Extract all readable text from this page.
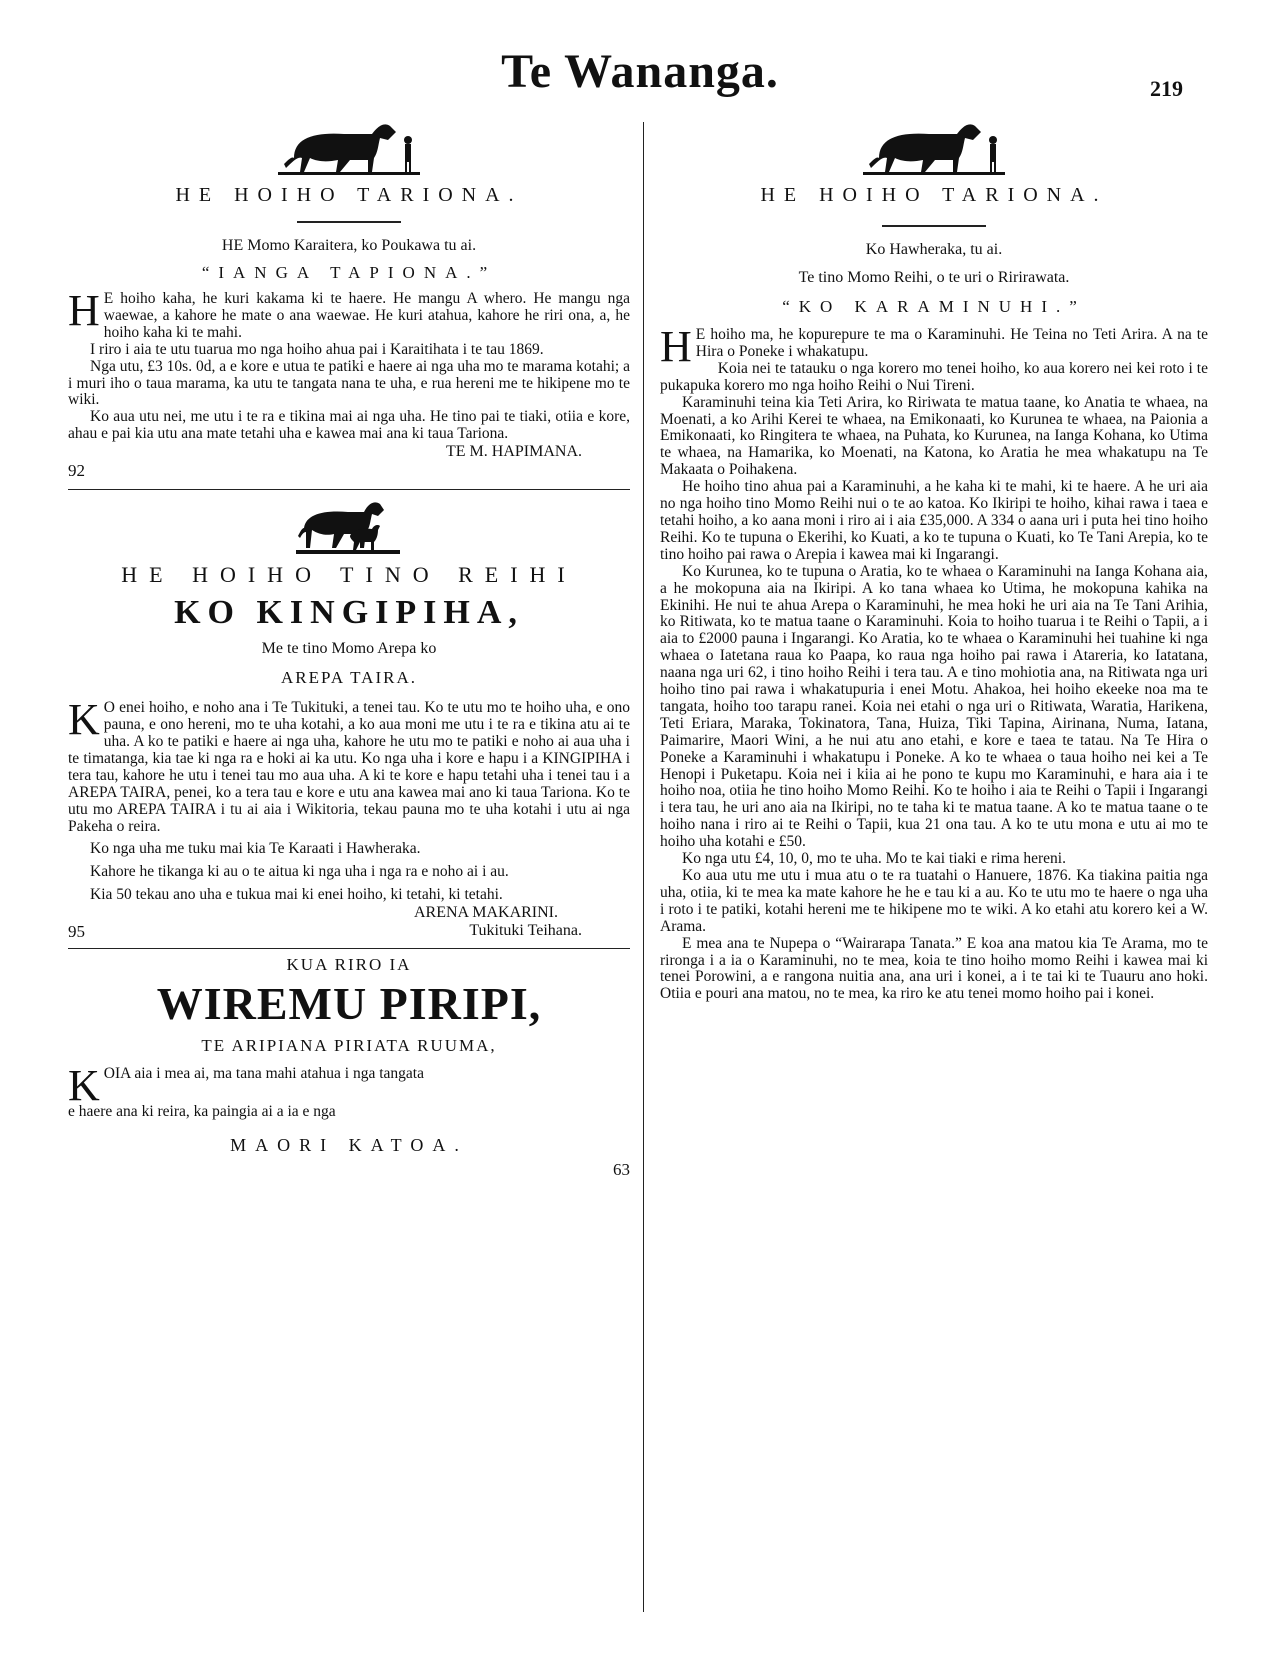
Te Wananga.	219

HE HOIHO TARIONA.

HE Momo Karaitera, ko Poukawa tu ai.

“IANGA TAPIONA.”

H E hoiho kaha, he kuri kakama ki te haere. He mangu A whero. He mangu nga waewae, a kahore he mate o ana waewae. He kuri atahua, kahore he riri ona, a, he hoiho kaha ki te mahi.

I riro i aia te utu tuarua mo nga hoiho ahua pai i Karaitihata i te tau 1869.

Nga utu, £3 10s. 0d, a e kore e utua te patiki e haere ai nga uha mo te marama kotahi; a i muri iho o taua marama, ka utu te tangata nana te uha, e rua hereni me te hikipene mo te wiki.

Ko aua utu nei, me utu i te ra e tikina mai ai nga uha. He tino pai te tiaki, otiia e kore, ahau e pai kia utu ana mate tetahi uha e kawea mai ana ki taua Tariona.

TE M. HAPIMANA.

92

HE HOIHO TINO REIHI

KO KINGIPIHA,

Me te tino Momo Arepa ko

AREPA TAIRA.

K O enei hoiho, e noho ana i Te Tukituki, a tenei tau. Ko te utu mo te hoiho uha, e ono pauna, e ono hereni, mo te uha kotahi, a ko aua moni me utu i te ra e tikina atu ai te uha. A ko te patiki e haere ai nga uha, kahore he utu mo te patiki e noho ai aua uha i te timatanga, kia tae ki nga ra e hoki ai ka utu. Ko nga uha i kore e hapu i a KINGIPIHA i tera tau, kahore he utu i tenei tau mo aua uha. A ki te kore e hapu tetahi uha i tenei tau i a AREPA TAIRA, penei, ko a tera tau e kore e utu ana kawea mai ano ki taua Tariona. Ko te utu mo AREPA TAIRA i tu ai aia i Wikitoria, tekau pauna mo te uha kotahi i utu ai nga Pakeha o reira.

Ko nga uha me tuku mai kia Te Karaati i Hawheraka.

Kahore he tikanga ki au o te aitua ki nga uha i nga ra e noho ai i au.

Kia 50 tekau ano uha e tukua mai ki enei hoiho, ki tetahi, ki tetahi.

ARENA MAKARINI.

95	Tukituki Teihana.

KUA RIRO IA

WIREMU PIRIPI,

TE ARIPIANA PIRIATA RUUMA,

KOIA aia i mea ai, ma tana mahi atahua i nga tangata

e haere ana ki reira, ka paingia ai a ia e nga

MAORI KATOA.

63

HE HOIHO TARIONA.

Ko Hawheraka, tu ai.

Te tino Momo Reihi, o te uri o Ririrawata.

“KO KARAMINUHI.”

H E hoiho ma, he kopurepure te ma o Karaminuhi. He Teina no Teti Arira. A na te Hira o Poneke i whakatupu.

Koia nei te tatauku o nga korero mo tenei hoiho, ko aua korero nei kei roto i te pukapuka korero mo nga hoiho Reihi o Nui Tireni.

Karaminuhi teina kia Teti Arira, ko Ririwata te matua taane, ko Anatia te whaea, na Moenati, a ko Arihi Kerei te whaea, na Emikonaati, ko Kurunea te whaea, na Paionia a Emikonaati, ko Ringitera te whaea, na Puhata, ko Kurunea, na Ianga Kohana, ko Utima te whaea, na Hamarika, ko Moenati, na Katona, ko Aratia he mea whakatupu na Te Makaata o Poihakena.

He hoiho tino ahua pai a Karaminuhi, a he kaha ki te mahi, ki te haere. A he uri aia no nga hoiho tino Momo Reihi nui o te ao katoa. Ko Ikiripi te hoiho, kihai rawa i taea e tetahi hoiho, a ko aana moni i riro ai i aia £35,000. A 334 o aana uri i puta hei tino hoiho Reihi. Ko te tupuna o Ekerihi, ko Kuati, a ko te tupuna o Kuati, ko Te Tani Arepia, ko te tino hoiho pai rawa o Arepia i kawea mai ki Ingarangi.

Ko Kurunea, ko te tupuna o Aratia, ko te whaea o Karaminuhi na Ianga Kohana aia, a he mokopuna aia na Ikiripi. A ko tana whaea ko Utima, he mokopuna kahika na Ekinihi. He nui te ahua Arepa o Karaminuhi, he mea hoki he uri aia na Te Tani Arihia, ko Ritiwata, ko te matua taane o Karaminuhi. Koia to hoiho tuarua i te Reihi o Tapii, a i aia to £2000 pauna i Ingarangi. Ko Aratia, ko te whaea o Karaminuhi hei tuahine ki nga whaea o Iatetana raua ko Paapa, ko raua nga hoiho pai rawa i Atareria, ko Iatatana, naana nga uri 62, i tino hoiho Reihi i tera tau. A e tino mohiotia ana, na Ritiwata nga uri hoiho tino pai rawa i whakatupuria i enei Motu. Ahakoa, hei hoiho ekeeke noa ma te tangata, hoiho too tarapu ranei. Koia nei etahi o nga uri o Ritiwata, Waratia, Harikena, Teti Eriara, Maraka, Tokinatora, Tana, Huiza, Tiki Tapina, Airinana, Numa, Iatana, Paimarire, Maori Wini, a he nui atu ano etahi, e kore e taea te tatau. Na Te Hira o Poneke a Karaminuhi i whakatupu i Poneke. A ko te whaea o taua hoiho nei kei a Te Henopi i Puketapu. Koia nei i kiia ai he pono te kupu mo Karaminuhi, e hara aia i te hoiho noa, otiia he tino hoiho Momo Reihi. Ko te hoiho i aia te Reihi o Tapii i Ingarangi i tera tau, he uri ano aia na Ikiripi, no te taha ki te matua taane. A ko te matua taane o te hoiho nana i riro ai te Reihi o Tapii, kua 21 ona tau. A ko te utu mona e utu ai mo te hoiho uha kotahi e £50.

Ko nga utu £4, 10, 0, mo te uha. Mo te kai tiaki e rima hereni.

Ko aua utu me utu i mua atu o te ra tuatahi o Hanuere, 1876. Ka tiakina paitia nga uha, otiia, ki te mea ka mate kahore he he e tau ki a au. Ko te utu mo te haere o nga uha i roto i te patiki, kotahi hereni me te hikipene mo te wiki. A ko etahi atu korero kei a W. Arama.

E mea ana te Nupepa o “Wairarapa Tanata.” E koa ana matou kia Te Arama, mo te rironga i a ia o Karaminuhi, no te mea, koia te tino hoiho momo Reihi i kawea mai ki tenei Porowini, a e rangona nuitia ana, ana uri i konei, a i te tai ki te Tuauru ano hoki. Otiia e pouri ana matou, no te mea, ka riro ke atu tenei momo hoiho pai i konei.
